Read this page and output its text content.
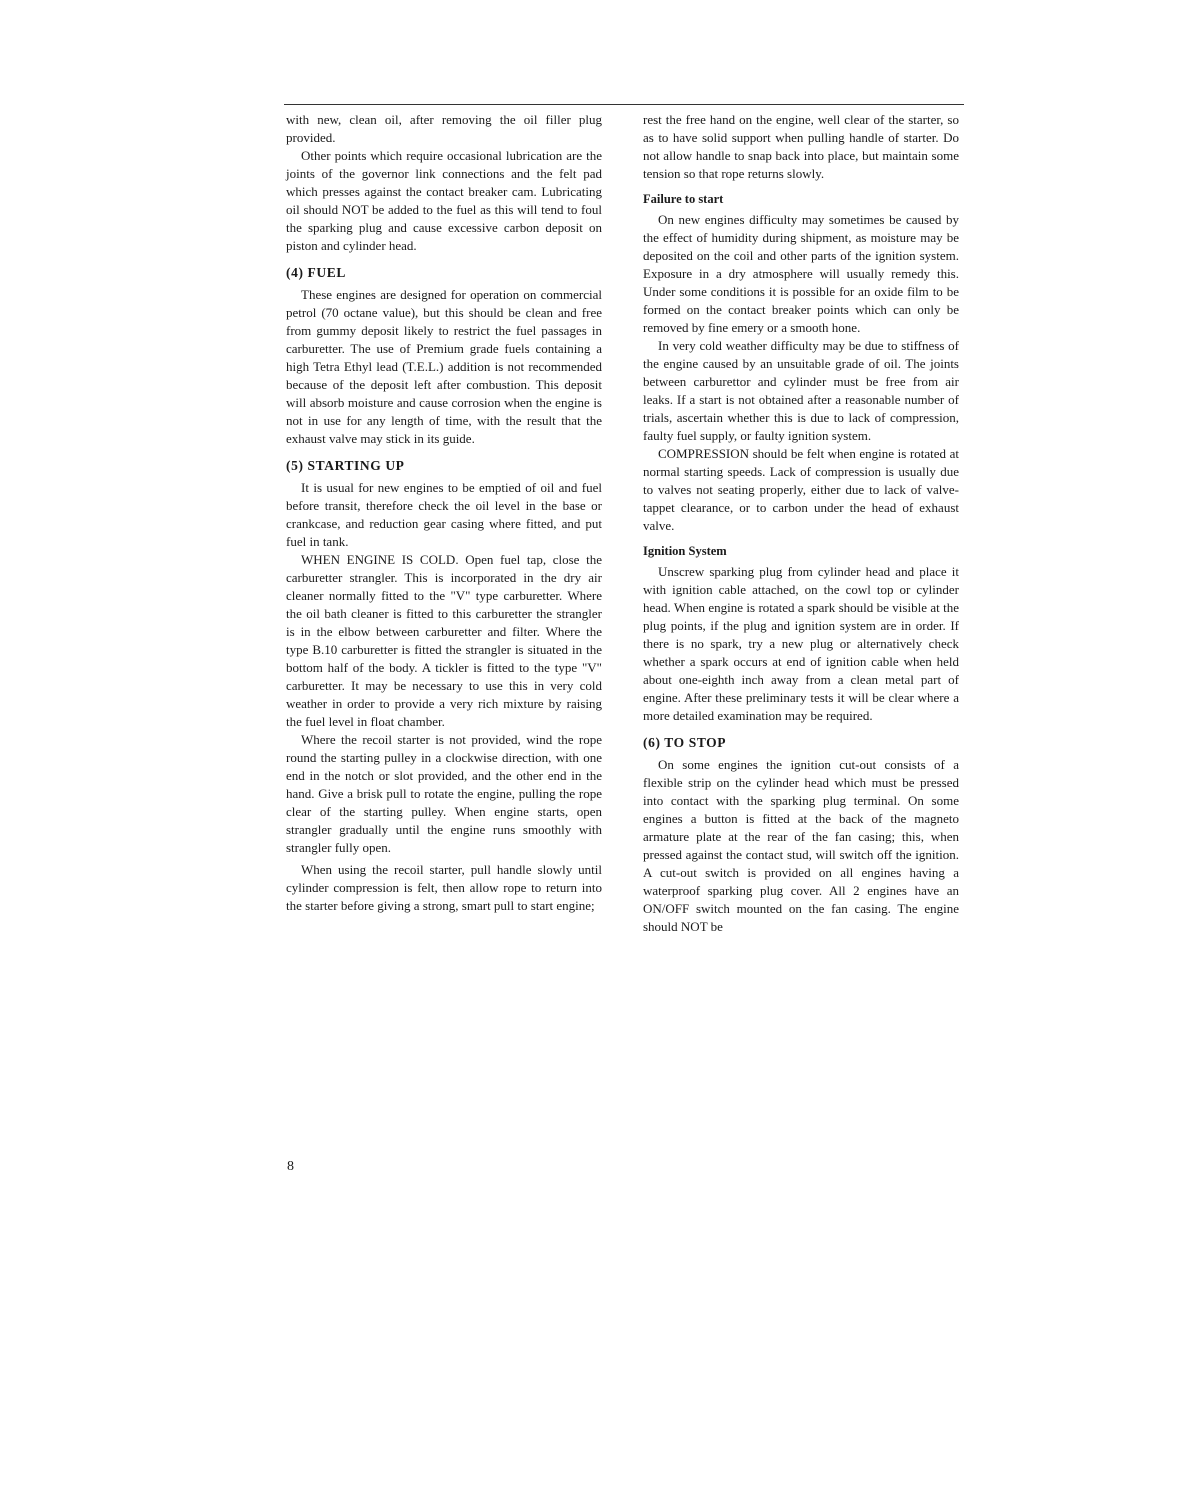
with new, clean oil, after removing the oil filler plug provided.

Other points which require occasional lubrication are the joints of the governor link connections and the felt pad which presses against the contact breaker cam. Lubricating oil should NOT be added to the fuel as this will tend to foul the sparking plug and cause excessive carbon deposit on piston and cylinder head.

(4) FUEL

These engines are designed for operation on commercial petrol (70 octane value), but this should be clean and free from gummy deposit likely to restrict the fuel passages in carburetter. The use of Premium grade fuels containing a high Tetra Ethyl lead (T.E.L.) addition is not recommended because of the deposit left after combustion. This deposit will absorb moisture and cause corrosion when the engine is not in use for any length of time, with the result that the exhaust valve may stick in its guide.

(5) STARTING UP

It is usual for new engines to be emptied of oil and fuel before transit, therefore check the oil level in the base or crankcase, and reduction gear casing where fitted, and put fuel in tank.

WHEN ENGINE IS COLD. Open fuel tap, close the carburetter strangler. This is incorporated in the dry air cleaner normally fitted to the "V" type carburetter. Where the oil bath cleaner is fitted to this carburetter the strangler is in the elbow between carburetter and filter. Where the type B.10 carburetter is fitted the strangler is situated in the bottom half of the body. A tickler is fitted to the type "V" carburetter. It may be necessary to use this in very cold weather in order to provide a very rich mixture by raising the fuel level in float chamber.

Where the recoil starter is not provided, wind the rope round the starting pulley in a clockwise direction, with one end in the notch or slot provided, and the other end in the hand. Give a brisk pull to rotate the engine, pulling the rope clear of the starting pulley. When engine starts, open strangler gradually until the engine runs smoothly with strangler fully open.

When using the recoil starter, pull handle slowly until cylinder compression is felt, then allow rope to return into the starter before giving a strong, smart pull to start engine;

rest the free hand on the engine, well clear of the starter, so as to have solid support when pulling handle of starter. Do not allow handle to snap back into place, but maintain some tension so that rope returns slowly.

Failure to start

On new engines difficulty may sometimes be caused by the effect of humidity during shipment, as moisture may be deposited on the coil and other parts of the ignition system. Exposure in a dry atmosphere will usually remedy this. Under some conditions it is possible for an oxide film to be formed on the contact breaker points which can only be removed by fine emery or a smooth hone.

In very cold weather difficulty may be due to stiffness of the engine caused by an unsuitable grade of oil. The joints between carburettor and cylinder must be free from air leaks. If a start is not obtained after a reasonable number of trials, ascertain whether this is due to lack of compression, faulty fuel supply, or faulty ignition system.

COMPRESSION should be felt when engine is rotated at normal starting speeds. Lack of compression is usually due to valves not seating properly, either due to lack of valve-tappet clearance, or to carbon under the head of exhaust valve.

Ignition System

Unscrew sparking plug from cylinder head and place it with ignition cable attached, on the cowl top or cylinder head. When engine is rotated a spark should be visible at the plug points, if the plug and ignition system are in order. If there is no spark, try a new plug or alternatively check whether a spark occurs at end of ignition cable when held about one-eighth inch away from a clean metal part of engine. After these preliminary tests it will be clear where a more detailed examination may be required.

(6) TO STOP

On some engines the ignition cut-out consists of a flexible strip on the cylinder head which must be pressed into contact with the sparking plug terminal. On some engines a button is fitted at the back of the magneto armature plate at the rear of the fan casing; this, when pressed against the contact stud, will switch off the ignition. A cut-out switch is provided on all engines having a waterproof sparking plug cover. All 2 engines have an ON/OFF switch mounted on the fan casing. The engine should NOT be

8
